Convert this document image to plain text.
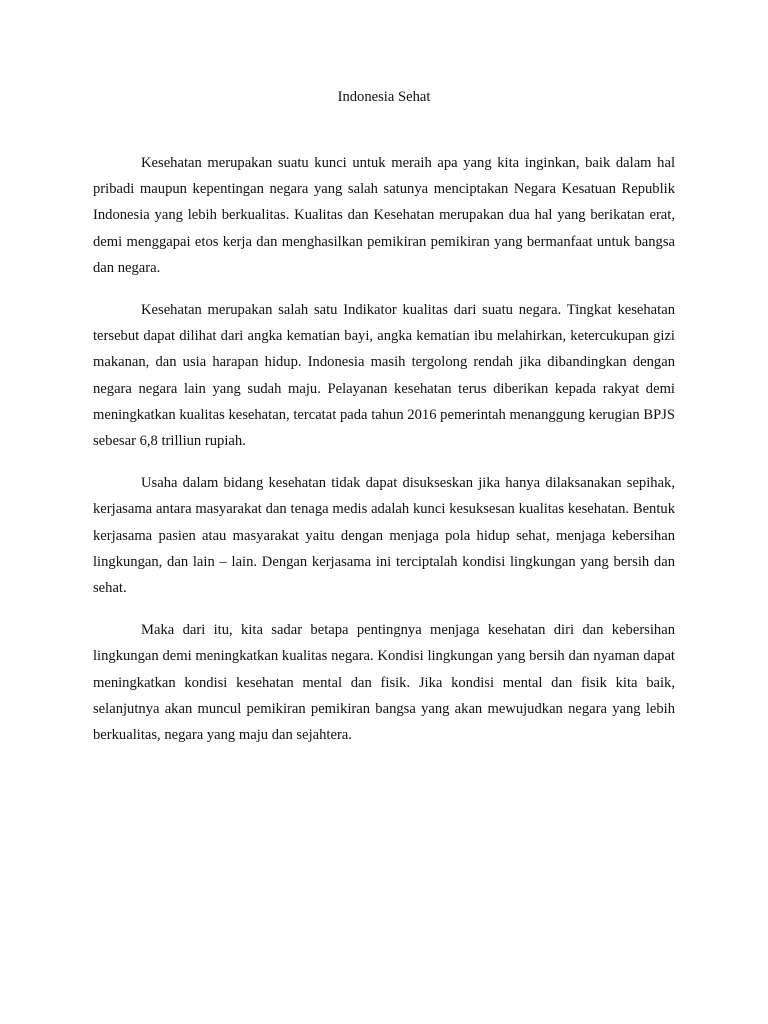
Indonesia Sehat

Kesehatan merupakan suatu kunci untuk meraih apa yang kita inginkan, baik dalam hal pribadi maupun kepentingan negara yang salah satunya menciptakan Negara Kesatuan Republik Indonesia yang lebih berkualitas. Kualitas dan Kesehatan merupakan dua hal yang berikatan erat, demi menggapai etos kerja dan menghasilkan pemikiran pemikiran yang bermanfaat untuk bangsa dan negara.

Kesehatan merupakan salah satu Indikator kualitas dari suatu negara. Tingkat kesehatan tersebut dapat dilihat dari angka kematian bayi, angka kematian ibu melahirkan, ketercukupan gizi makanan, dan usia harapan hidup. Indonesia masih tergolong rendah jika dibandingkan dengan negara negara lain yang sudah maju. Pelayanan kesehatan terus diberikan kepada rakyat demi meningkatkan kualitas kesehatan, tercatat pada tahun 2016 pemerintah menanggung kerugian BPJS sebesar 6,8 trilliun rupiah.

Usaha dalam bidang kesehatan tidak dapat disukseskan jika hanya dilaksanakan sepihak, kerjasama antara masyarakat dan tenaga medis adalah kunci kesuksesan kualitas kesehatan. Bentuk kerjasama pasien atau masyarakat yaitu dengan menjaga pola hidup sehat, menjaga kebersihan lingkungan, dan lain – lain. Dengan kerjasama ini terciptalah kondisi lingkungan yang bersih dan sehat.

Maka dari itu, kita sadar betapa pentingnya menjaga kesehatan diri dan kebersihan lingkungan demi meningkatkan kualitas negara. Kondisi lingkungan yang bersih dan nyaman dapat meningkatkan kondisi kesehatan mental dan fisik. Jika kondisi mental dan fisik kita baik, selanjutnya akan muncul pemikiran pemikiran bangsa yang akan mewujudkan negara yang lebih berkualitas, negara yang maju dan sejahtera.
